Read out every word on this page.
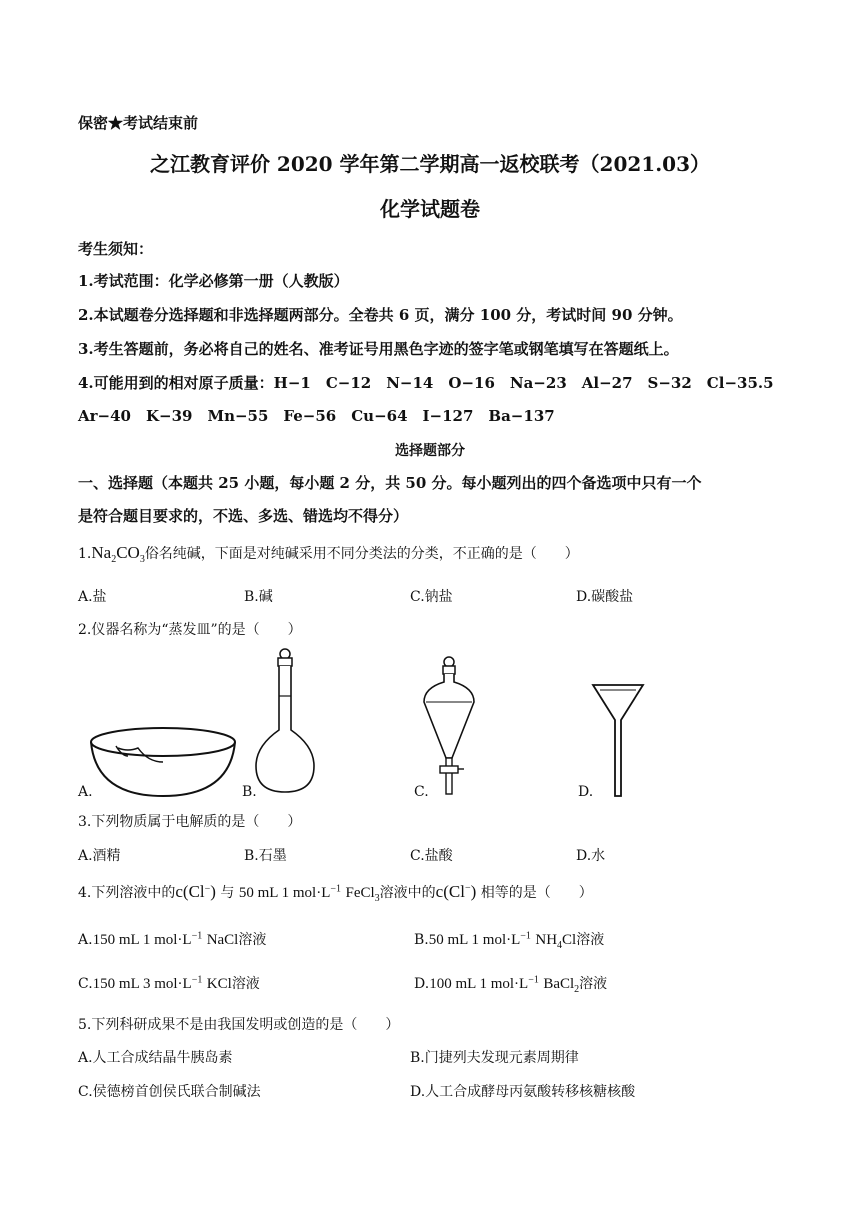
保密★考试结束前
之江教育评价 2020 学年第二学期高一返校联考（2021.03）
化学试题卷
考生须知：
1.考试范围：化学必修第一册（人教版）
2.本试题卷分选择题和非选择题两部分。全卷共 6 页，满分 100 分，考试时间 90 分钟。
3.考生答题前，务必将自己的姓名、准考证号用黑色字迹的签字笔或钢笔填写在答题纸上。
4.可能用到的相对原子质量：H−1　C−12　N−14　O−16　Na−23　Al−27　S−32　Cl−35.5
Ar−40　K−39　Mn−55　Fe−56　Cu−64　I−127　Ba−137
选择题部分
一、选择题（本题共 25 小题，每小题 2 分，共 50 分。每小题列出的四个备选项中只有一个
是符合题目要求的，不选、多选、错选均不得分）
$1.Na_2CO_3$俗名纯碱，下面是对纯碱采用不同分类法的分类，不正确的是（　　）
A.盐	B.碱	C.钠盐	D.碳酸盐
2.仪器名称为“蒸发皿”的是（　　）
A.	B.	C.	D.
3.下列物质属于电解质的是（　　）
A.酒精	B.石墨	C.盐酸	D.水
4.下列溶液中的c(Cl−) 与 50 mL 1 $mol\cdot L^{-1}$ FeCl$_3$溶液中的c(Cl−) 相等的是（　　）
A.150 mL 1 $mol\cdot L^{-1}$ NaCl溶液	B.50 mL 1 $mol\cdot L^{-1}$ $NH_4Cl$溶液
C.150 mL 3 $mol\cdot L^{-1}$ KCl溶液	D.100 mL 1 $mol\cdot L^{-1}$ BaCl$_2$溶液
5.下列科研成果不是由我国发明或创造的是（　　）
A.人工合成结晶牛胰岛素	B.门捷列夫发现元素周期律
C.侯德榜首创侯氏联合制碱法	D.人工合成酵母丙氨酸转移核糖核酸
